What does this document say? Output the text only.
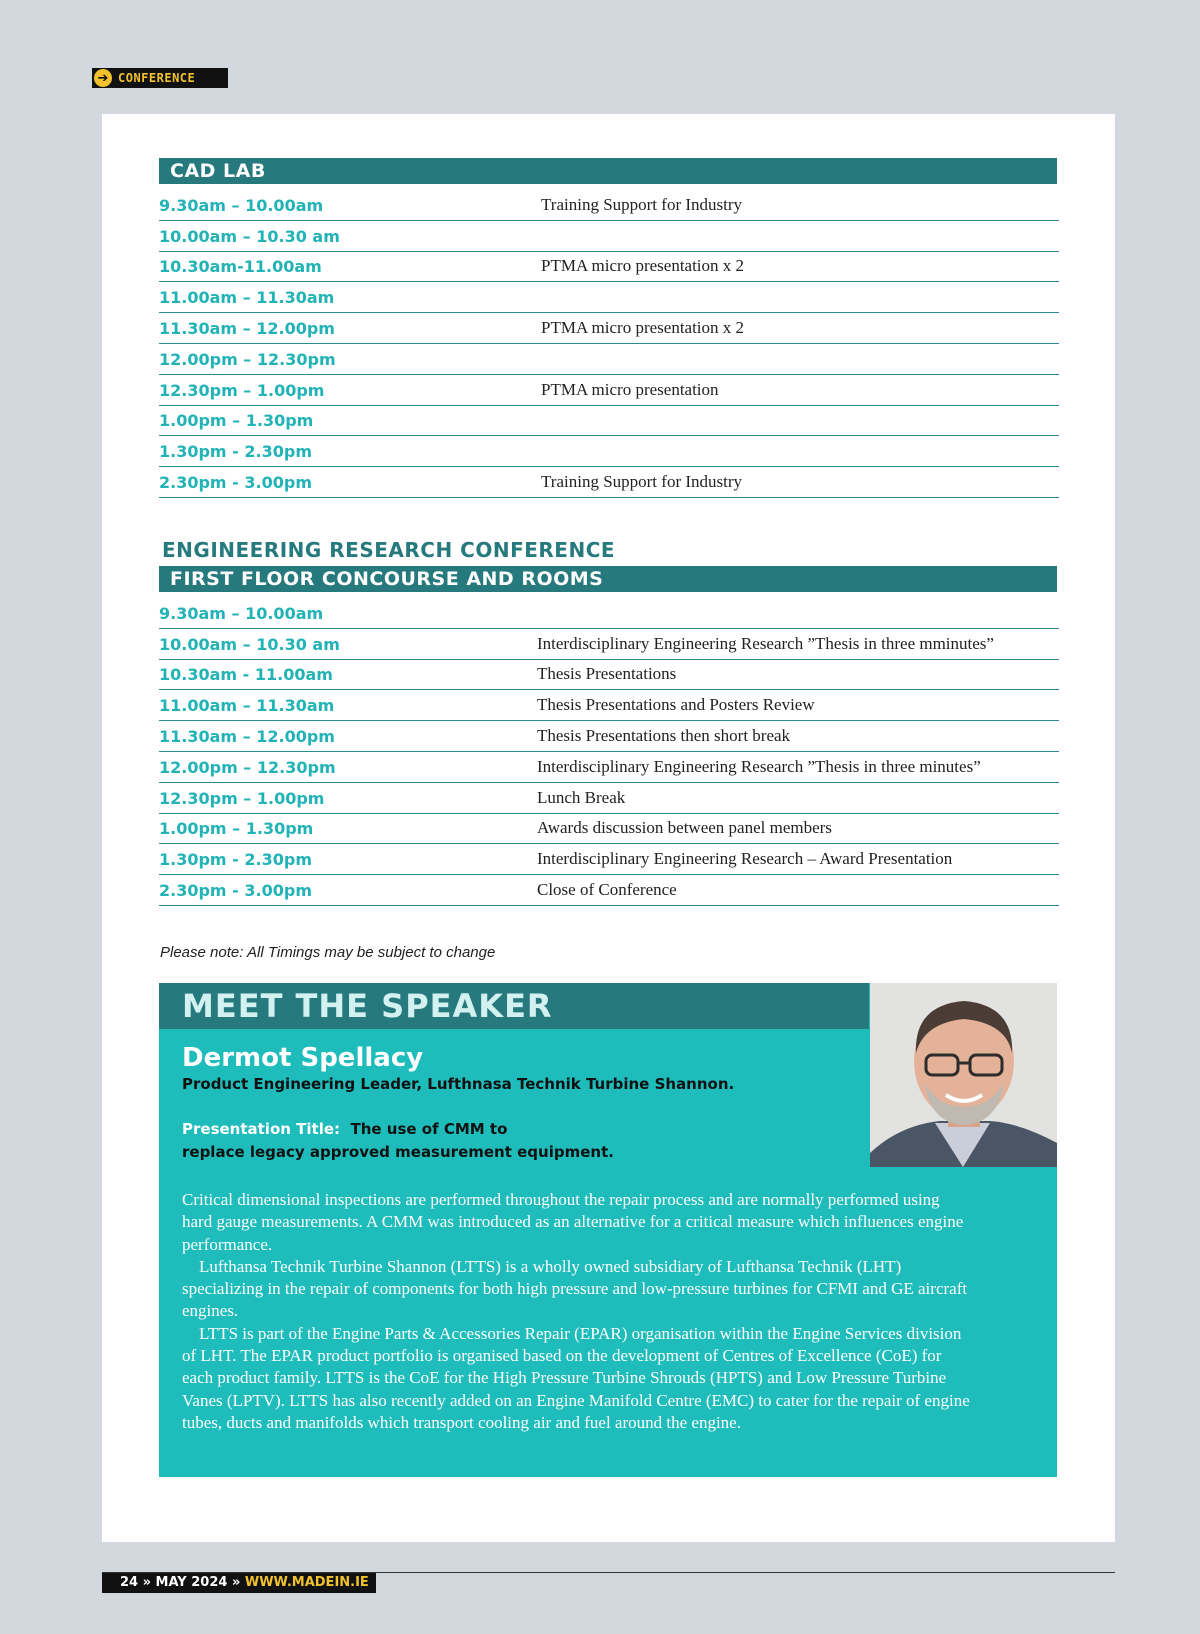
➔ CONFERENCE
CAD LAB
9.30am – 10.00am	Training Support for Industry
10.00am – 10.30 am
10.30am-11.00am	PTMA micro presentation x 2
11.00am – 11.30am
11.30am – 12.00pm	PTMA micro presentation x 2
12.00pm – 12.30pm
12.30pm – 1.00pm	PTMA micro presentation
1.00pm – 1.30pm
1.30pm - 2.30pm
2.30pm - 3.00pm	Training Support for Industry
ENGINEERING RESEARCH CONFERENCE
FIRST FLOOR CONCOURSE AND ROOMS
9.30am – 10.00am
10.00am – 10.30 am	Interdisciplinary Engineering Research ”Thesis in three mminutes”
10.30am - 11.00am	Thesis Presentations
11.00am – 11.30am	Thesis Presentations and Posters Review
11.30am – 12.00pm	Thesis Presentations then short break
12.00pm – 12.30pm	Interdisciplinary Engineering Research ”Thesis in three minutes”
12.30pm – 1.00pm	Lunch Break
1.00pm – 1.30pm	Awards discussion between panel members
1.30pm - 2.30pm	Interdisciplinary Engineering Research – Award Presentation
2.30pm - 3.00pm	Close of Conference
Please note: All Timings may be subject to change
MEET THE SPEAKER
Dermot Spellacy
Product Engineering Leader, Lufthnasa Technik Turbine Shannon.
Presentation Title: The use of CMM to
replace legacy approved measurement equipment.

Critical dimensional inspections are performed throughout the repair process and are normally performed using hard gauge measurements. A CMM was introduced as an alternative for a critical measure which influences engine performance.

Lufthansa Technik Turbine Shannon (LTTS) is a wholly owned subsidiary of Lufthansa Technik (LHT) specializing in the repair of components for both high pressure and low-pressure turbines for CFMI and GE aircraft engines.

LTTS is part of the Engine Parts & Accessories Repair (EPAR) organisation within the Engine Services division of LHT. The EPAR product portfolio is organised based on the development of Centres of Excellence (CoE) for each product family. LTTS is the CoE for the High Pressure Turbine Shrouds (HPTS) and Low Pressure Turbine Vanes (LPTV). LTTS has also recently added on an Engine Manifold Centre (EMC) to cater for the repair of engine tubes, ducts and manifolds which transport cooling air and fuel around the engine.

24 » MAY 2024 » WWW.MADEIN.IE
